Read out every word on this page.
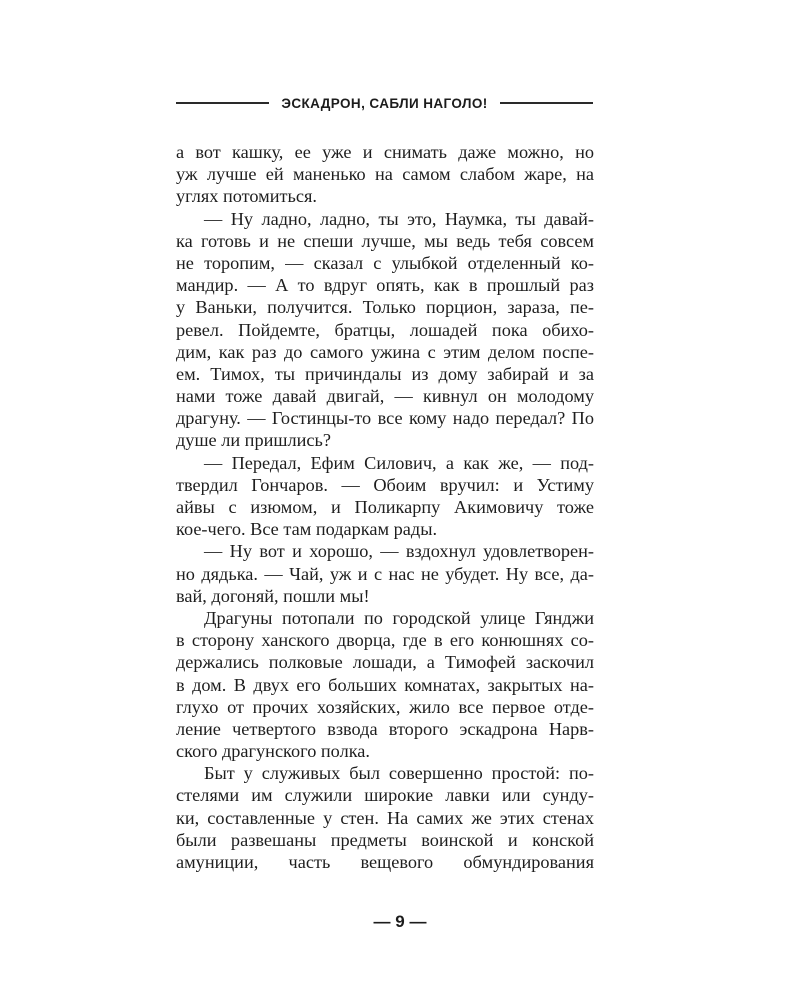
ЭСКАДРОН, САБЛИ НАГОЛО!
а вот кашку, ее уже и снимать даже можно, но
уж лучше ей маненько на самом слабом жаре, на
углях потомиться.
— Ну ладно, ладно, ты это, Наумка, ты давай-
ка готовь и не спеши лучше, мы ведь тебя совсем
не торопим, — сказал с улыбкой отделенный ко-
мандир. — А то вдруг опять, как в прошлый раз
у Ваньки, получится. Только порцион, зараза, пе-
ревел. Пойдемте, братцы, лошадей пока обихо-
дим, как раз до самого ужина с этим делом поспе-
ем. Тимох, ты причиндалы из дому забирай и за
нами тоже давай двигай, — кивнул он молодому
драгуну. — Гостинцы-то все кому надо передал? По
душе ли пришлись?
— Передал, Ефим Силович, а как же, — под-
твердил Гончаров. — Обоим вручил: и Устиму
айвы с изюмом, и Поликарпу Акимовичу тоже
кое-чего. Все там подаркам рады.
— Ну вот и хорошо, — вздохнул удовлетворен-
но дядька. — Чай, уж и с нас не убудет. Ну все, да-
вай, догоняй, пошли мы!
Драгуны потопали по городской улице Гянджи
в сторону ханского дворца, где в его конюшнях со-
держались полковые лошади, а Тимофей заскочил
в дом. В двух его больших комнатах, закрытых на-
глухо от прочих хозяйских, жило все первое отде-
ление четвертого взвода второго эскадрона Нарв-
ского драгунского полка.
Быт у служивых был совершенно простой: по-
стелями им служили широкие лавки или сунду-
ки, составленные у стен. На самих же этих стенах
были развешаны предметы воинской и конской
амуниции, часть вещевого обмундирования
— 9 —
